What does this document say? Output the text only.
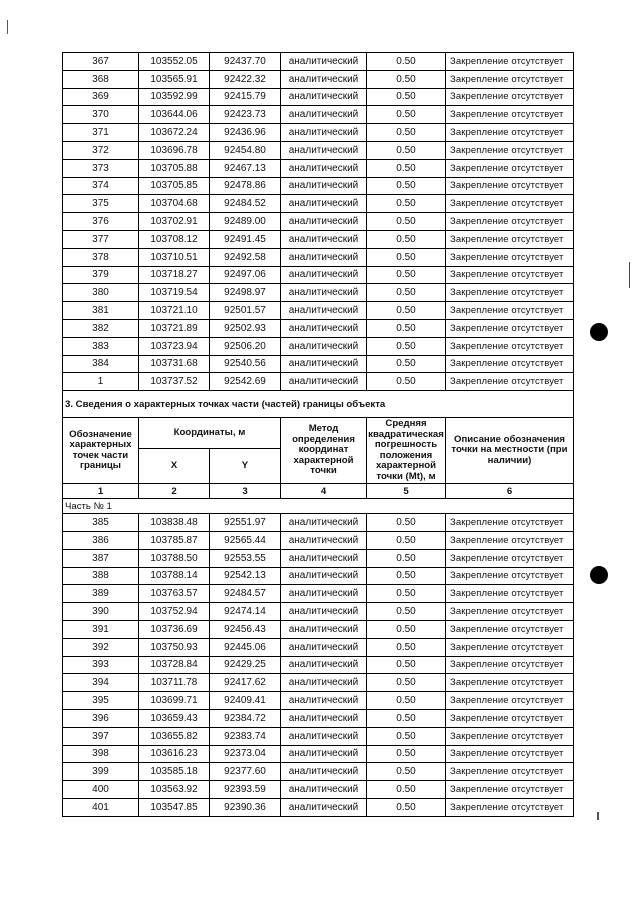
367	103552.05	92437.70	аналитический	0.50	Закрепление отсутствует
368	103565.91	92422.32	аналитический	0.50	Закрепление отсутствует
369	103592.99	92415.79	аналитический	0.50	Закрепление отсутствует
370	103644.06	92423.73	аналитический	0.50	Закрепление отсутствует
371	103672.24	92436.96	аналитический	0.50	Закрепление отсутствует
372	103696.78	92454.80	аналитический	0.50	Закрепление отсутствует
373	103705.88	92467.13	аналитический	0.50	Закрепление отсутствует
374	103705.85	92478.86	аналитический	0.50	Закрепление отсутствует
375	103704.68	92484.52	аналитический	0.50	Закрепление отсутствует
376	103702.91	92489.00	аналитический	0.50	Закрепление отсутствует
377	103708.12	92491.45	аналитический	0.50	Закрепление отсутствует
378	103710.51	92492.58	аналитический	0.50	Закрепление отсутствует
379	103718.27	92497.06	аналитический	0.50	Закрепление отсутствует
380	103719.54	92498.97	аналитический	0.50	Закрепление отсутствует
381	103721.10	92501.57	аналитический	0.50	Закрепление отсутствует
382	103721.89	92502.93	аналитический	0.50	Закрепление отсутствует
383	103723.94	92506.20	аналитический	0.50	Закрепление отсутствует
384	103731.68	92540.56	аналитический	0.50	Закрепление отсутствует
1	103737.52	92542.69	аналитический	0.50	Закрепление отсутствует
3. Сведения о характерных точках части (частей) границы объекта					
Обозначение характерных точек части границы	Координаты, м		Метод определения координат характерной точки	Средняя квадратическая погрешность положения характерной точки (Mt), м	Описание обозначения точки на местности (при наличии)
	X	Y			
1	2	3	4	5	6
Часть № 1					
385	103838.48	92551.97	аналитический	0.50	Закрепление отсутствует
386	103785.87	92565.44	аналитический	0.50	Закрепление отсутствует
387	103788.50	92553.55	аналитический	0.50	Закрепление отсутствует
388	103788.14	92542.13	аналитический	0.50	Закрепление отсутствует
389	103763.57	92484.57	аналитический	0.50	Закрепление отсутствует
390	103752.94	92474.14	аналитический	0.50	Закрепление отсутствует
391	103736.69	92456.43	аналитический	0.50	Закрепление отсутствует
392	103750.93	92445.06	аналитический	0.50	Закрепление отсутствует
393	103728.84	92429.25	аналитический	0.50	Закрепление отсутствует
394	103711.78	92417.62	аналитический	0.50	Закрепление отсутствует
395	103699.71	92409.41	аналитический	0.50	Закрепление отсутствует
396	103659.43	92384.72	аналитический	0.50	Закрепление отсутствует
397	103655.82	92383.74	аналитический	0.50	Закрепление отсутствует
398	103616.23	92373.04	аналитический	0.50	Закрепление отсутствует
399	103585.18	92377.60	аналитический	0.50	Закрепление отсутствует
400	103563.92	92393.59	аналитический	0.50	Закрепление отсутствует
401	103547.85	92390.36	аналитический	0.50	Закрепление отсутствует
